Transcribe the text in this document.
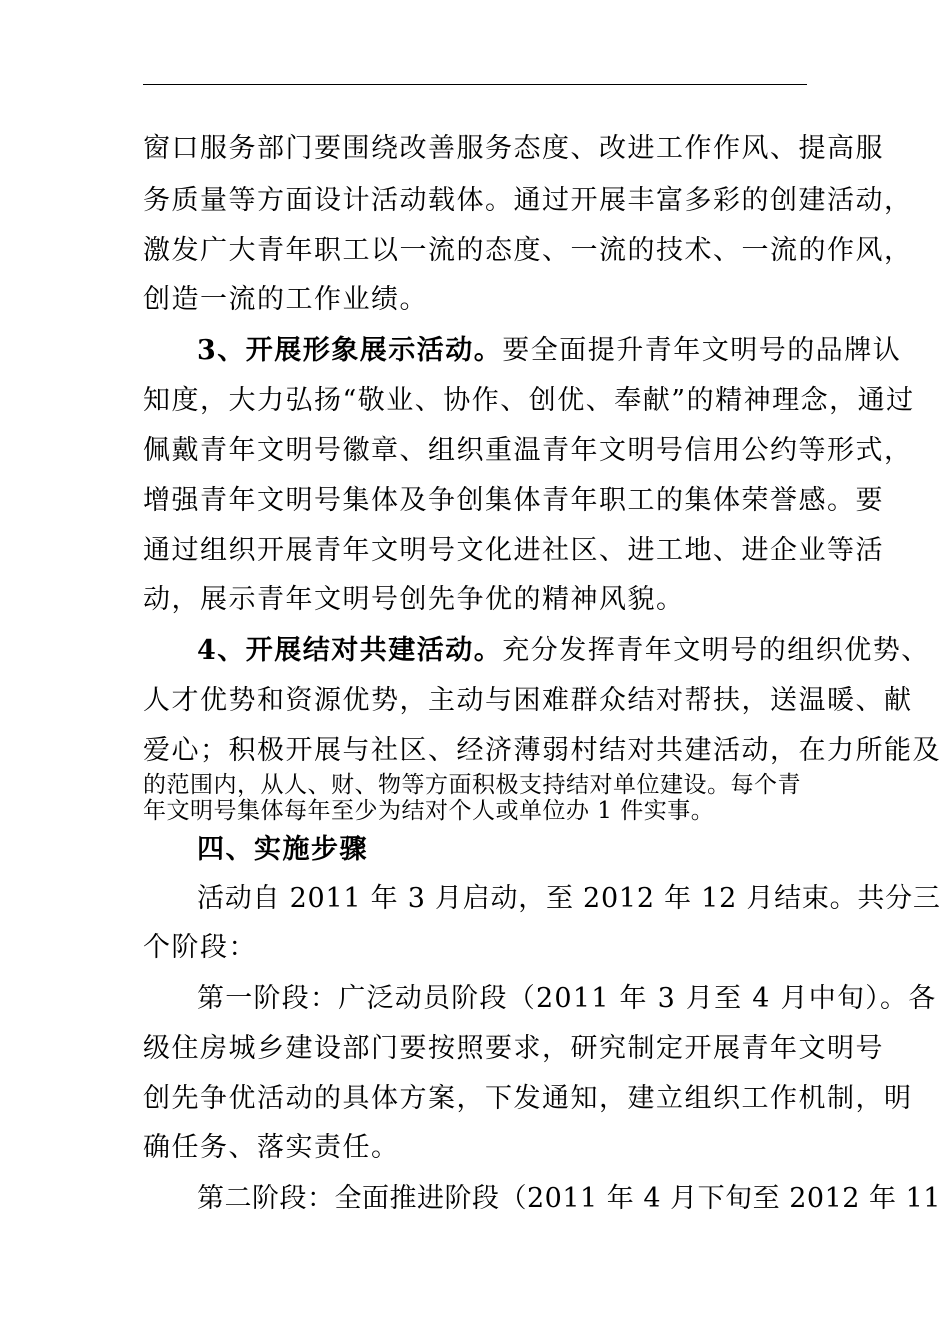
窗口服务部门要围绕改善服务态度、改进工作作风、提高服
务质量等方面设计活动载体。通过开展丰富多彩的创建活动，
激发广大青年职工以一流的态度、一流的技术、一流的作风，
创造一流的工作业绩。
3、开展形象展示活动。要全面提升青年文明号的品牌认
知度，大力弘扬“敬业、协作、创优、奉献”的精神理念，通过
佩戴青年文明号徽章、组织重温青年文明号信用公约等形式，
增强青年文明号集体及争创集体青年职工的集体荣誉感。要
通过组织开展青年文明号文化进社区、进工地、进企业等活
动，展示青年文明号创先争优的精神风貌。
4、开展结对共建活动。充分发挥青年文明号的组织优势、
人才优势和资源优势，主动与困难群众结对帮扶，送温暖、献
爱心；积极开展与社区、经济薄弱村结对共建活动，在力所能及
的范围内，从人、财、物等方面积极支持结对单位建设。每个青
年文明号集体每年至少为结对个人或单位办 1 件实事。
四、实施步骤
活动自 2011 年 3 月启动，至 2012 年 12 月结束。共分三
个阶段：
第一阶段：广泛动员阶段（2011 年 3 月至 4 月中旬）。各
级住房城乡建设部门要按照要求，研究制定开展青年文明号
创先争优活动的具体方案，下发通知，建立组织工作机制，明
确任务、落实责任。
第二阶段：全面推进阶段（2011 年 4 月下旬至 2012 年 11
